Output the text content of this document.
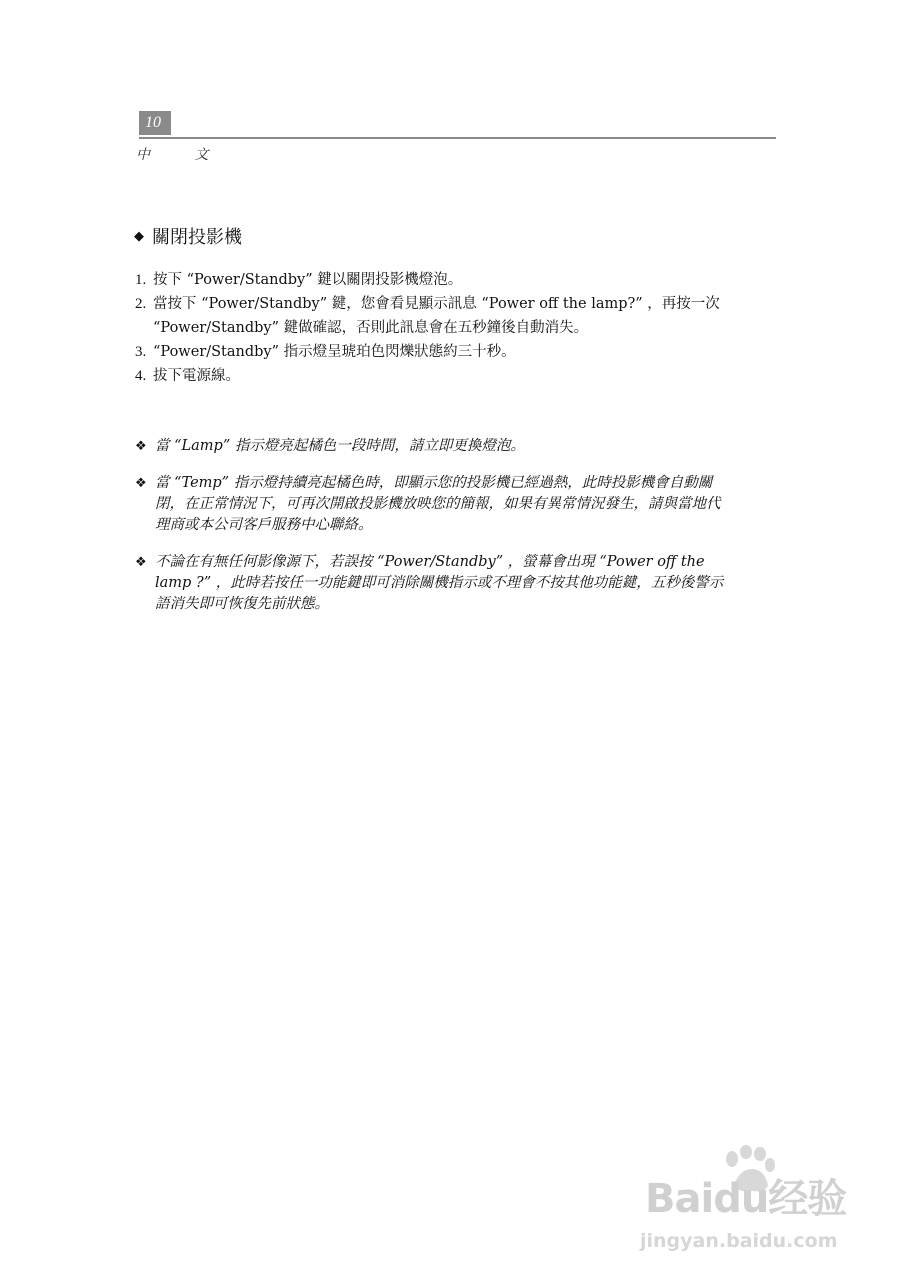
10
中 文
◆ 關閉投影機
1. 按下 “Power/Standby” 鍵以關閉投影機燈泡。
2. 當按下 “Power/Standby” 鍵，您會看見顯示訊息 “Power off the lamp?” ，再按一次 “Power/Standby” 鍵做確認，否則此訊息會在五秒鐘後自動消失。
3. “Power/Standby” 指示燈呈琥珀色閃爍狀態約三十秒。
4. 拔下電源線。
❖ 當 “Lamp” 指示燈亮起橘色一段時間，請立即更換燈泡。
❖ 當 “Temp” 指示燈持續亮起橘色時，即顯示您的投影機已經過熱，此時投影機會自動關閉，在正常情況下，可再次開啟投影機放映您的簡報，如果有異常情況發生，請與當地代理商或本公司客戶服務中心聯絡。
❖ 不論在有無任何影像源下，若誤按 “Power/Standby” ，螢幕會出現 “Power off the lamp ?” ，此時若按任一功能鍵即可消除關機指示或不理會不按其他功能鍵，五秒後警示語消失即可恢復先前狀態。
Baidu经验
jingyan.baidu.com
